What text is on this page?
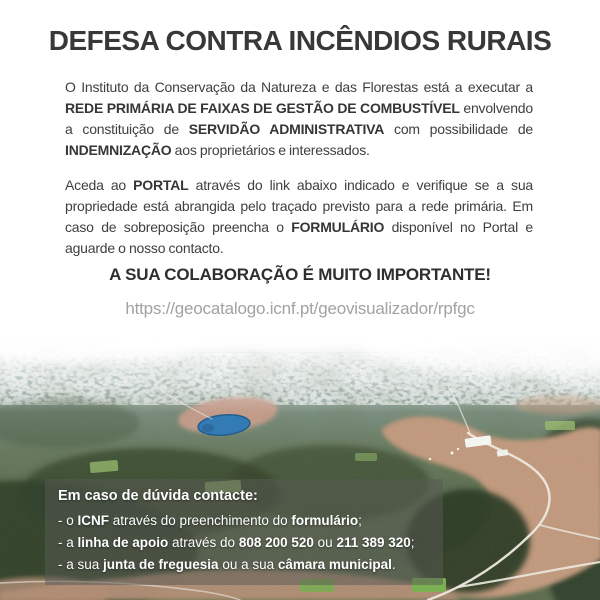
DEFESA CONTRA INCÊNDIOS RURAIS

O Instituto da Conservação da Natureza e das Florestas está a executar a REDE PRIMÁRIA DE FAIXAS DE GESTÃO DE COMBUSTÍVEL envolvendo a constituição de SERVIDÃO ADMINISTRATIVA com possibilidade de INDEMNIZAÇÃO aos proprietários e interessados.

Aceda ao PORTAL através do link abaixo indicado e verifique se a sua propriedade está abrangida pelo traçado previsto para a rede primária. Em caso de sobreposição preencha o FORMULÁRIO disponível no Portal e aguarde o nosso contacto.

A SUA COLABORAÇÃO É MUITO IMPORTANTE!
https://geocatalogo.icnf.pt/geovisualizador/rpfgc
Em caso de dúvida contacte:
- o ICNF através do preenchimento do formulário;
- a linha de apoio através do 808 200 520 ou 211 389 320;
- a sua junta de freguesia ou a sua câmara municipal.
